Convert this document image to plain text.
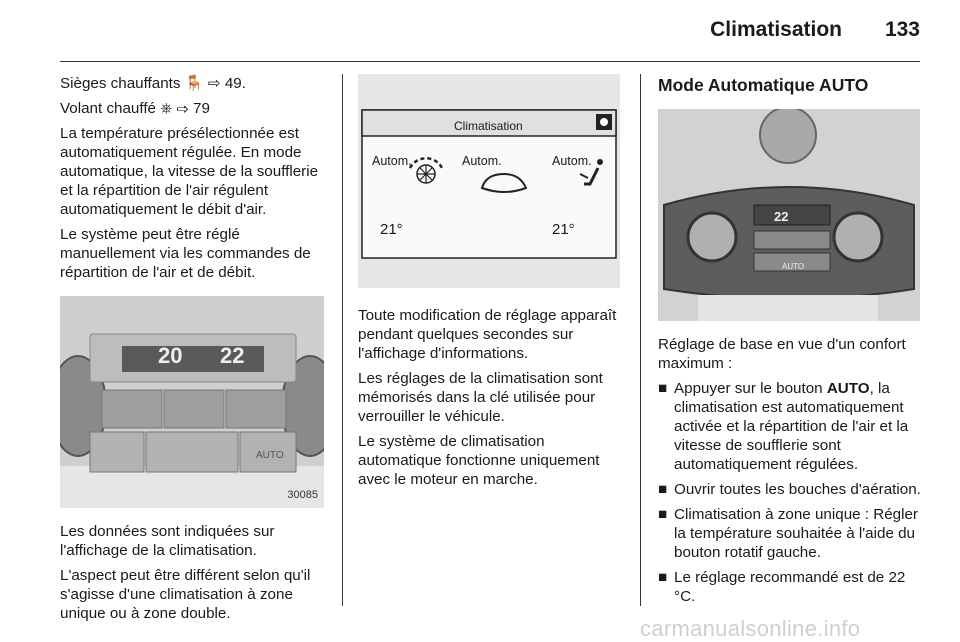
Climatisation 133

Sièges chauffants 🪑 ⇨ 49.

Volant chauffé ⎈ ⇨ 79

La température présélectionnée est automatiquement régulée. En mode automatique, la vitesse de la soufflerie et la répartition de l'air régulent automatiquement le débit d'air.

Le système peut être réglé manuellement via les commandes de répartition de l'air et de débit.

20 22
AUTO
30085

Les données sont indiquées sur l'affichage de la climatisation.

L'aspect peut être différent selon qu'il s'agisse d'une climatisation à zone unique ou à zone double.

Climatisation
Autom.	Autom.	Autom.
21°	21°

Toute modification de réglage apparaît pendant quelques secondes sur l'affichage d'informations.

Les réglages de la climatisation sont mémorisés dans la clé utilisée pour verrouiller le véhicule.

Le système de climatisation automatique fonctionne uniquement avec le moteur en marche.

Mode Automatique AUTO
22
AUTO

Réglage de base en vue d'un confort maximum :

■ Appuyer sur le bouton AUTO, la climatisation est automatiquement activée et la répartition de l'air et la vitesse de soufflerie sont automatiquement régulées.
■ Ouvrir toutes les bouches d'aération.
■ Climatisation à zone unique : Régler la température souhaitée à l'aide du bouton rotatif gauche.
■ Le réglage recommandé est de 22 °C.
carmanualsonline.info
